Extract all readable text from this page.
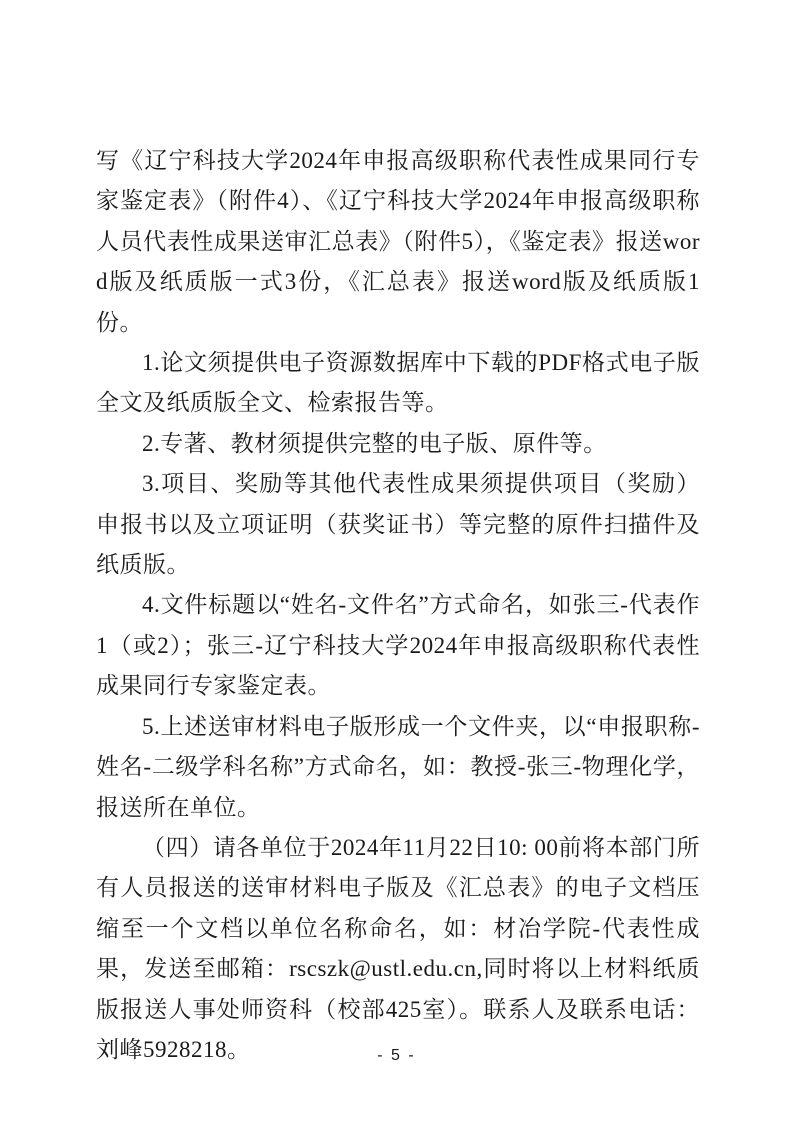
写《辽宁科技大学2024年申报高级职称代表性成果同行专家鉴定表》（附件4）、《辽宁科技大学2024年申报高级职称人员代表性成果送审汇总表》（附件5），《鉴定表》报送word版及纸质版一式3份，《汇总表》报送word版及纸质版1份。

1.论文须提供电子资源数据库中下载的PDF格式电子版全文及纸质版全文、检索报告等。

2.专著、教材须提供完整的电子版、原件等。

3.项目、奖励等其他代表性成果须提供项目（奖励）申报书以及立项证明（获奖证书）等完整的原件扫描件及纸质版。

4.文件标题以“姓名-文件名”方式命名，如张三-代表作1（或2）；张三-辽宁科技大学2024年申报高级职称代表性成果同行专家鉴定表。

5.上述送审材料电子版形成一个文件夹，以“申报职称-姓名-二级学科名称”方式命名，如：教授-张三-物理化学，报送所在单位。

（四）请各单位于2024年11月22日10: 00前将本部门所有人员报送的送审材料电子版及《汇总表》的电子文档压缩至一个文档以单位名称命名，如：材冶学院-代表性成果，发送至邮箱：rscszk@ustl.edu.cn,同时将以上材料纸质版报送人事处师资科（校部425室）。联系人及联系电话：刘峰5928218。	- 5 -
